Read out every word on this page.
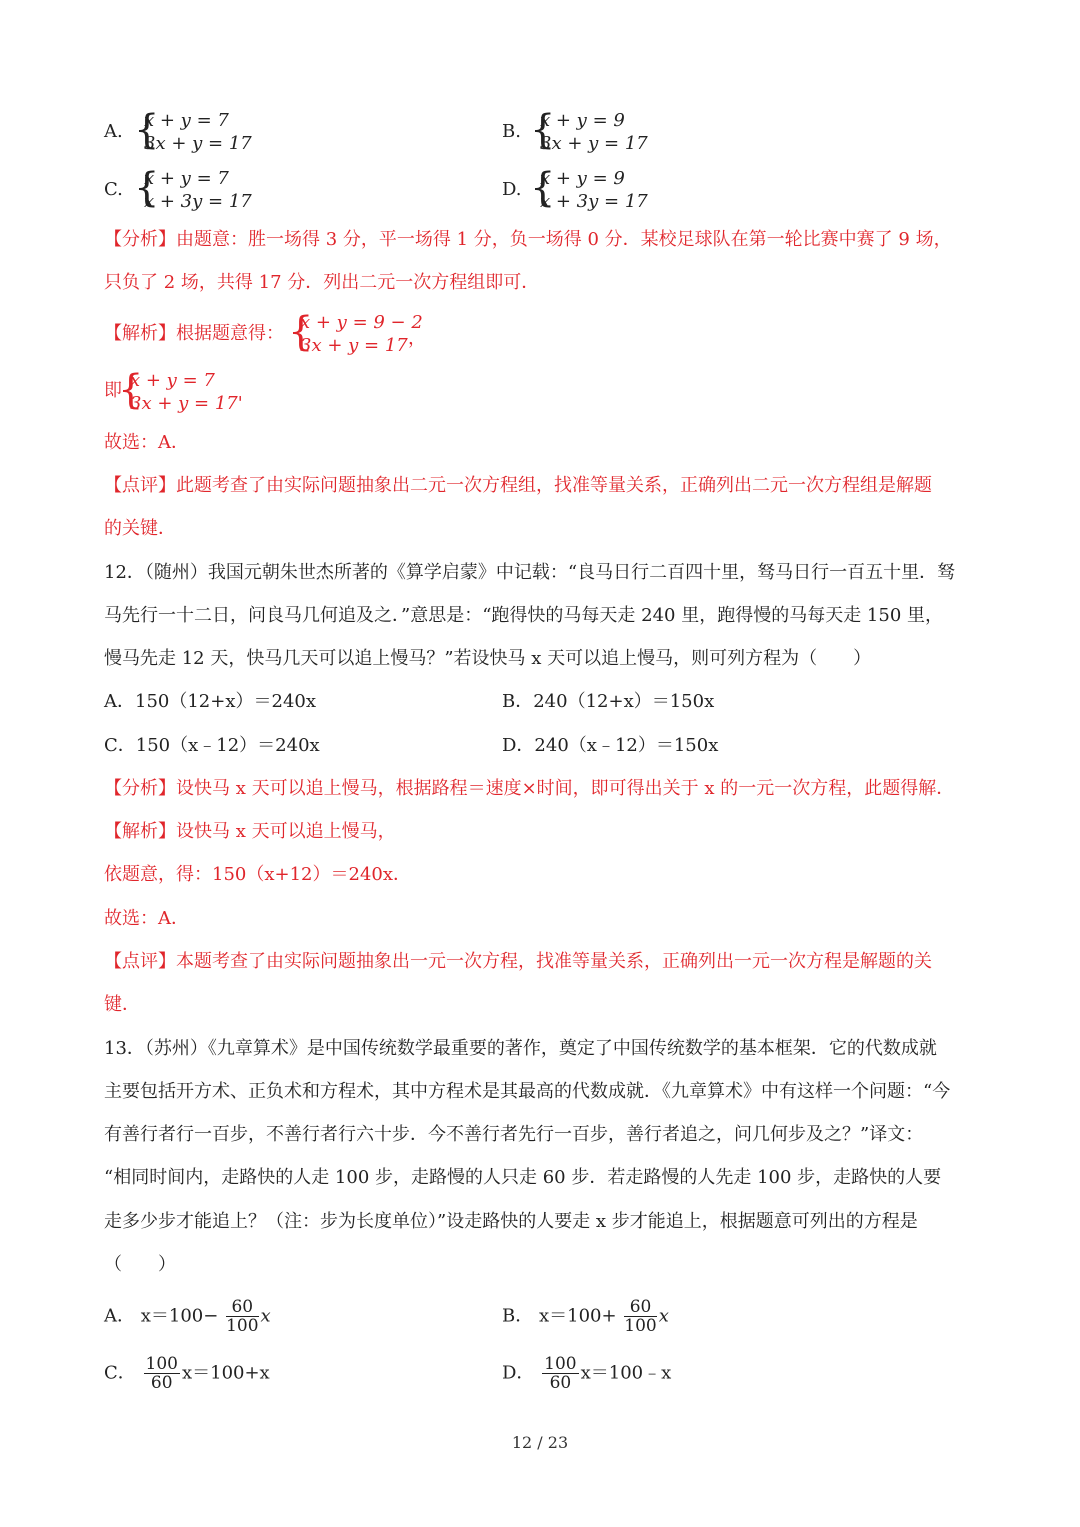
A. {
x + y = 7
3x + y = 17
B. {
x + y = 9
3x + y = 17
C. {
x + y = 7
x + 3y = 17
D. {
x + y = 9
x + 3y = 17
【分析】由题意：胜一场得 3 分，平一场得 1 分，负一场得 0 分．某校足球队在第一轮比赛中赛了 9 场，
只负了 2 场，共得 17 分．列出二元一次方程组即可．
【解析】根据题意得： {
x + y = 9 − 2
3x + y = 17 ，
即
{
x + y = 7
3x + y = 17'
故选：A．
【点评】此题考查了由实际问题抽象出二元一次方程组，找准等量关系，正确列出二元一次方程组是解题
的关键．
12．（随州）我国元朝朱世杰所著的《算学启蒙》中记载：“良马日行二百四十里，驽马日行一百五十里．驽
马先行一十二日，问良马几何追及之．”意思是：“跑得快的马每天走 240 里，跑得慢的马每天走 150 里，
慢马先走 12 天，快马几天可以追上慢马？”若设快马 x 天可以追上慢马，则可列方程为（　　）
A．150（12+x）＝240x	B．240（12+x）＝150x
C．150（x﹣12）＝240x	D．240（x﹣12）＝150x
【分析】设快马 x 天可以追上慢马，根据路程＝速度×时间，即可得出关于 x 的一元一次方程，此题得解．
【解析】设快马 x 天可以追上慢马，
依题意，得：150（x+12）＝240x．
故选：A．
【点评】本题考查了由实际问题抽象出一元一次方程，找准等量关系，正确列出一元一次方程是解题的关
键．
13．（苏州）《九章算术》是中国传统数学最重要的著作，奠定了中国传统数学的基本框架．它的代数成就
主要包括开方术、正负术和方程术，其中方程术是其最高的代数成就．《九章算术》中有这样一个问题：“今
有善行者行一百步，不善行者行六十步．今不善行者先行一百步，善行者追之，问几何步及之？”译文：
“相同时间内，走路快的人走 100 步，走路慢的人只走 60 步．若走路慢的人先走 100 步，走路快的人要
走多少步才能追上？（注：步为长度单位）”设走路快的人要走 x 步才能追上，根据题意可列出的方程是
（　　）
A． $x=100- \frac{60}{100}$ x	B． $x=100+ \frac{60}{100}$ x
C． $\frac{100}{60} x=100+x$	D． $\frac{100}{60}$ x＝100﹣x
12 / 23
